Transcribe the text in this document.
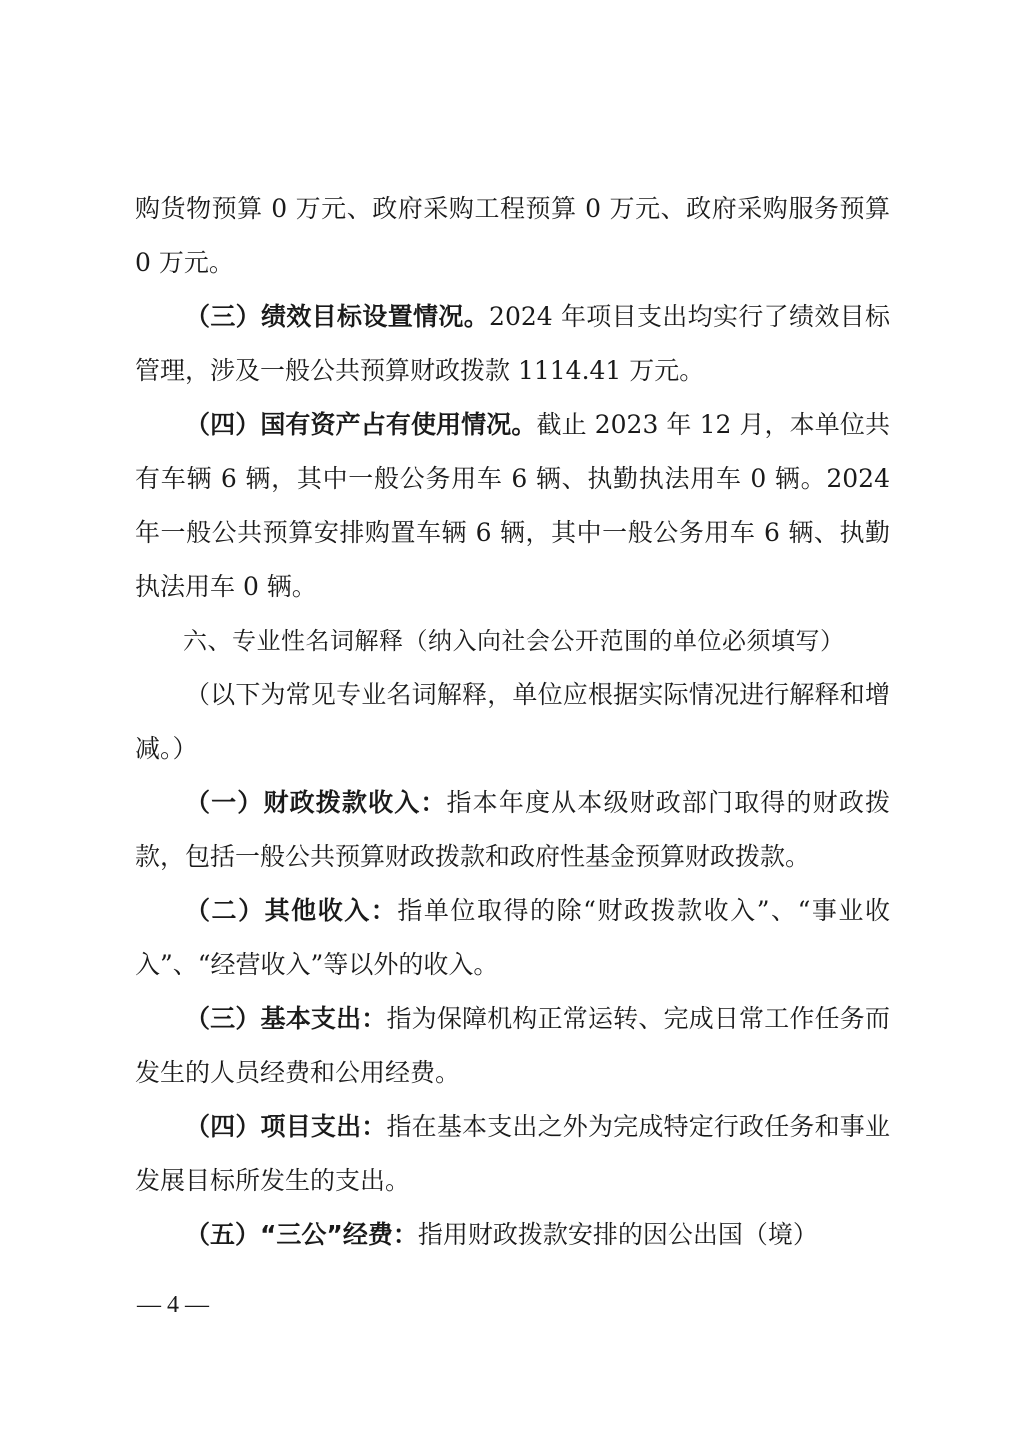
购货物预算 0 万元、政府采购工程预算 0 万元、政府采购服务预算 0 万元。

（三）绩效目标设置情况。2024 年项目支出均实行了绩效目标管理，涉及一般公共预算财政拨款 1114.41 万元。

（四）国有资产占有使用情况。截止 2023 年 12 月，本单位共有车辆 6 辆，其中一般公务用车 6 辆、执勤执法用车 0 辆。2024 年一般公共预算安排购置车辆 6 辆，其中一般公务用车 6 辆、执勤执法用车 0 辆。

六、专业性名词解释（纳入向社会公开范围的单位必须填写）

（以下为常见专业名词解释，单位应根据实际情况进行解释和增减。）

（一）财政拨款收入：指本年度从本级财政部门取得的财政拨款，包括一般公共预算财政拨款和政府性基金预算财政拨款。

（二）其他收入：指单位取得的除“财政拨款收入”、“事业收入”、“经营收入”等以外的收入。

（三）基本支出：指为保障机构正常运转、完成日常工作任务而发生的人员经费和公用经费。

（四）项目支出：指在基本支出之外为完成特定行政任务和事业发展目标所发生的支出。

（五）“三公”经费：指用财政拨款安排的因公出国（境）

— 4 —
